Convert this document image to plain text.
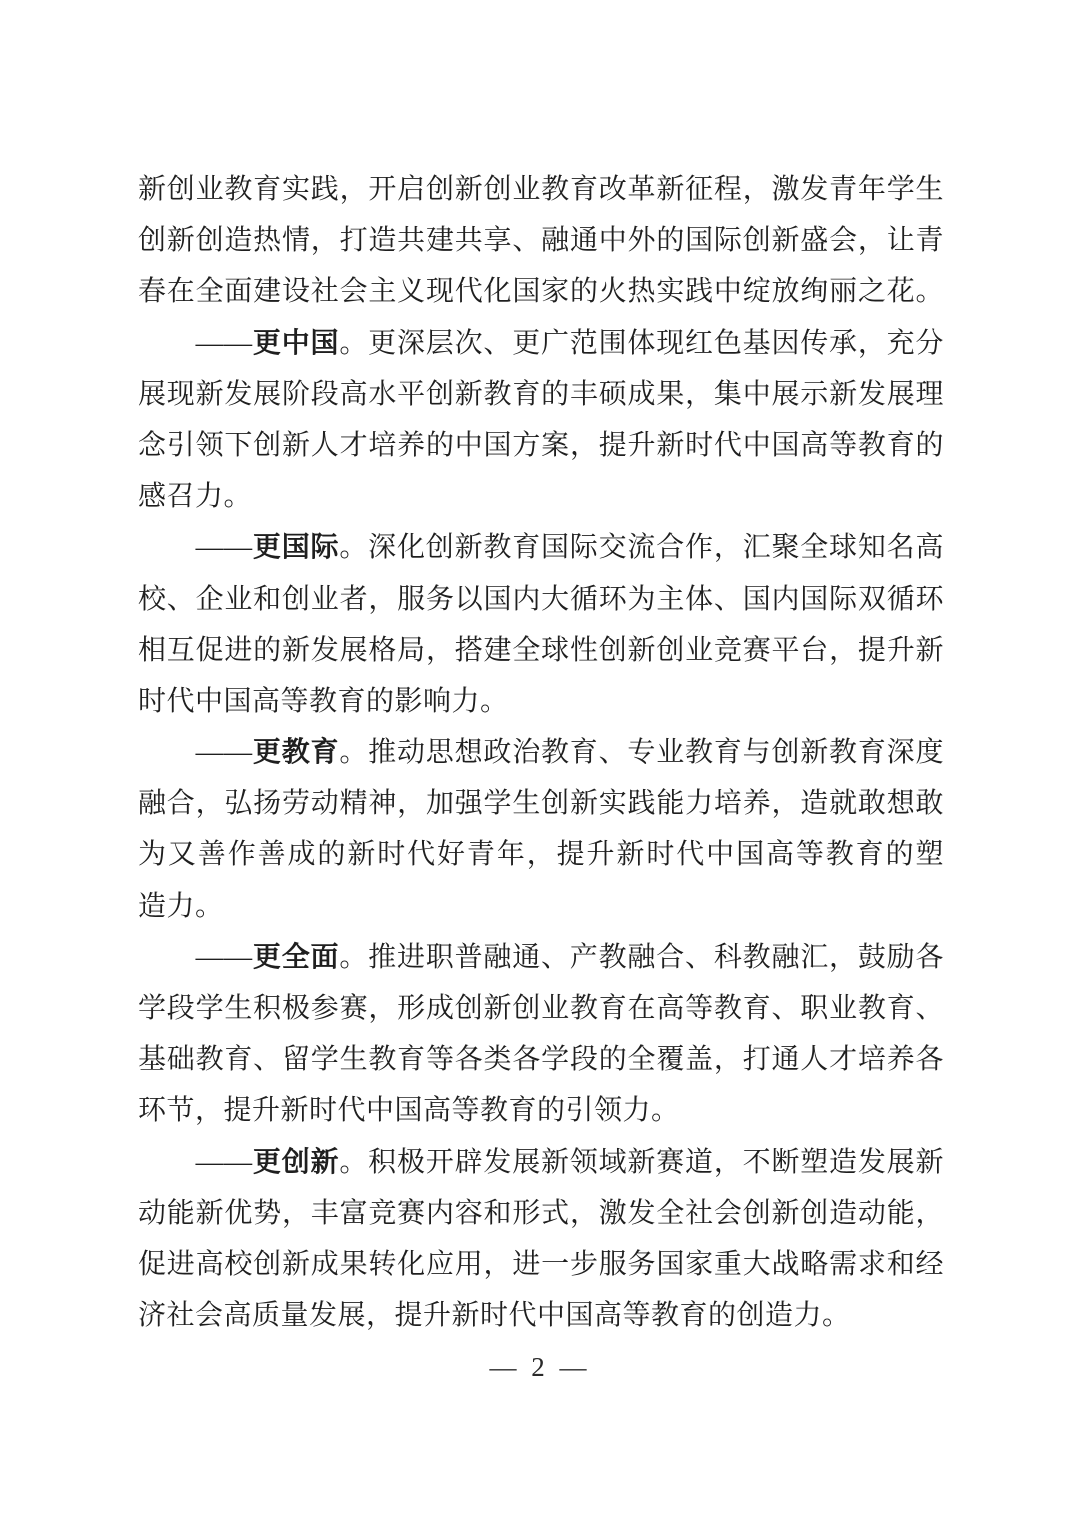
新创业教育实践，开启创新创业教育改革新征程，激发青年学生
创新创造热情，打造共建共享、融通中外的国际创新盛会，让青
春在全面建设社会主义现代化国家的火热实践中绽放绚丽之花。
　　——更中国。更深层次、更广范围体现红色基因传承，充分
展现新发展阶段高水平创新教育的丰硕成果，集中展示新发展理
念引领下创新人才培养的中国方案，提升新时代中国高等教育的
感召力。
　　——更国际。深化创新教育国际交流合作，汇聚全球知名高
校、企业和创业者，服务以国内大循环为主体、国内国际双循环
相互促进的新发展格局，搭建全球性创新创业竞赛平台，提升新
时代中国高等教育的影响力。
　　——更教育。推动思想政治教育、专业教育与创新教育深度
融合，弘扬劳动精神，加强学生创新实践能力培养，造就敢想敢
为又善作善成的新时代好青年，提升新时代中国高等教育的塑
造力。
　　——更全面。推进职普融通、产教融合、科教融汇，鼓励各
学段学生积极参赛，形成创新创业教育在高等教育、职业教育、
基础教育、留学生教育等各类各学段的全覆盖，打通人才培养各
环节，提升新时代中国高等教育的引领力。
　　——更创新。积极开辟发展新领域新赛道，不断塑造发展新
动能新优势，丰富竞赛内容和形式，激发全社会创新创造动能，
促进高校创新成果转化应用，进一步服务国家重大战略需求和经
济社会高质量发展，提升新时代中国高等教育的创造力。
— 2 —
